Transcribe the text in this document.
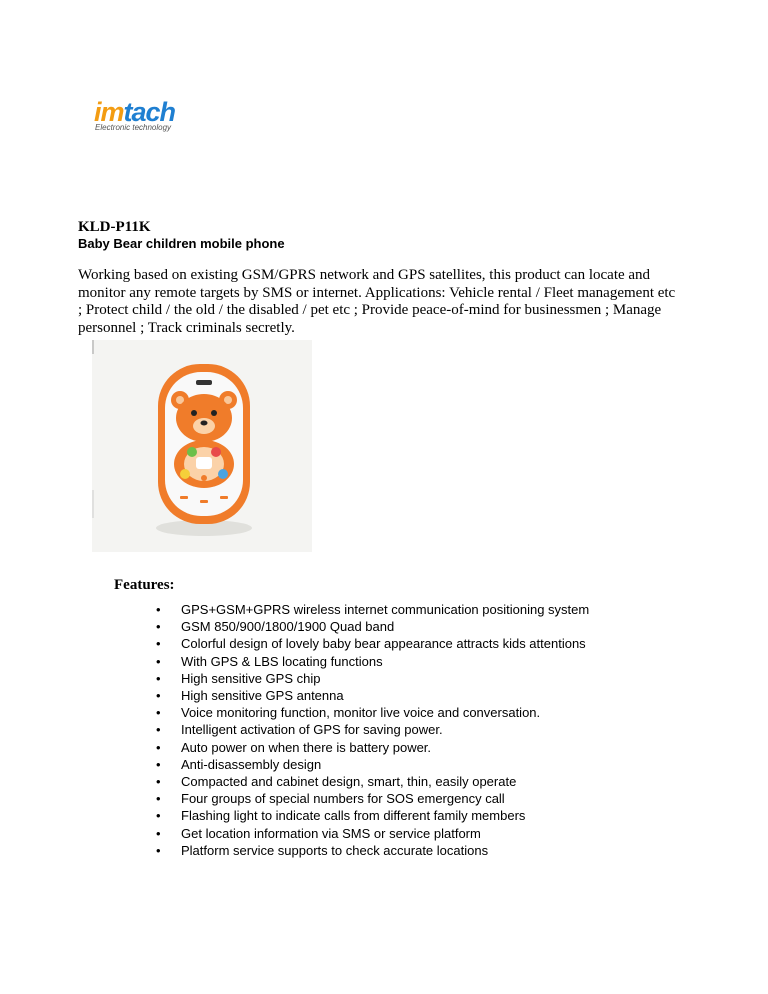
imtach
Electronic technology
KLD-P11K
Baby Bear children mobile phone
Working based on existing GSM/GPRS network and GPS satellites, this product can locate and monitor any remote targets by SMS or internet. Applications: Vehicle rental / Fleet management etc ; Protect child / the old / the disabled / pet etc ; Provide peace-of-mind for businessmen ; Manage personnel ; Track criminals secretly.
Features:
• GPS+GSM+GPRS wireless internet communication positioning system
• GSM 850/900/1800/1900 Quad band
• Colorful design of lovely baby bear appearance attracts kids attentions
• With GPS & LBS locating functions
• High sensitive GPS chip
• High sensitive GPS antenna
• Voice monitoring function, monitor live voice and conversation.
• Intelligent activation of GPS for saving power.
• Auto power on when there is battery power.
• Anti-disassembly design
• Compacted and cabinet design, smart, thin, easily operate
• Four groups of special numbers for SOS emergency call
• Flashing light to indicate calls from different family members
• Get location information via SMS or service platform
• Platform service supports to check accurate locations
